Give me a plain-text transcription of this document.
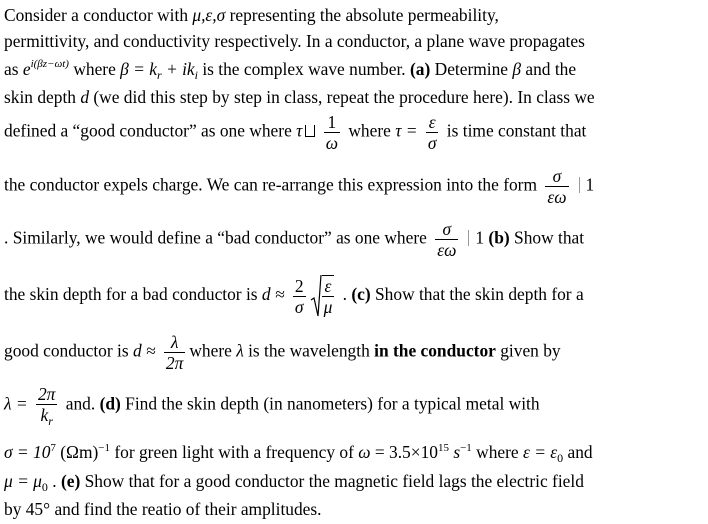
Consider a conductor with μ,ε,σ representing the absolute permeability,
permittivity, and conductivity respectively. In a conductor, a plane wave propagates
as $e^{i(\beta z-\omega t)}$ where $\beta = k_r + ik_i$ is the complex wave number. (a) Determine β and the
skin depth d (we did this step by step in class, repeat the procedure here). In class we
defined a “good conductor” as one where τ $\frac{1}{\omega}$ where $\tau = \frac{\varepsilon}{\sigma}$ is time constant that
the conductor expels charge. We can re-arrange this expression into the form $\frac{\sigma}{\varepsilon\omega} 1$
. Similarly, we would define a “bad conductor” as one where $\frac{\sigma}{\varepsilon\omega} 1$ (b) Show that
the skin depth for a bad conductor is $d \approx \frac{2}{\sigma} \frac{\varepsilon}{\mu}$ . (c) Show that the skin depth for a
good conductor is $d \approx \frac{\lambda}{2\pi}$ where λ is the wavelength in the conductor given by
$\lambda = \frac{2\pi}{k_r}$ and. (d) Find the skin depth (in nanometers) for a typical metal with
$\sigma = 10^7$ $(\Omega m)^{-1}$ for green light with a frequency of $\omega = 3.5\times 10^{15}$ $s^{-1}$ where $\varepsilon = \varepsilon_0$ and
$\mu = \mu_0$ . (e) Show that for a good conductor the magnetic field lags the electric field
by 45° and find the reatio of their amplitudes.
